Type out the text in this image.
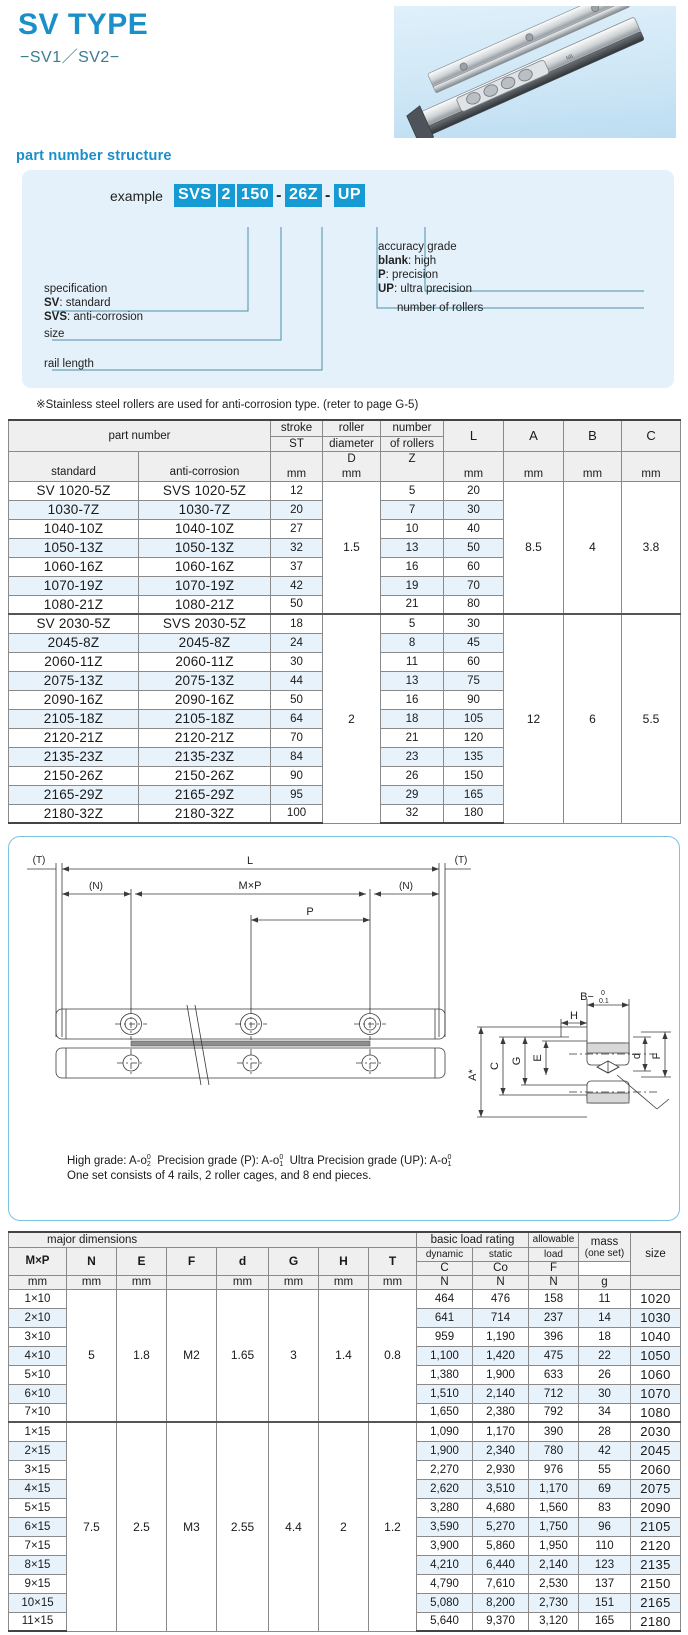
SV TYPE
−SV1／SV2−	NB
part number structure
example SVS 2 150 - 26Z - UP
specification
SV: standard
SVS: anti-corrosion
size
rail length
accuracy grade
blank: high
P: precision
UP: ultra precision
number of rollers
※Stainless steel rollers are used for anti-corrosion type. (reter to page G-5)
part number		stroke	roller	number	L	A	B	C
		ST	diameter	of rollers				
standard	anti-corrosion		D	Z				
		mm	mm		mm	mm	mm	mm
SV 1020-5Z	SVS 1020-5Z	12	1.5	5	20	8.5	4	3.8
1030-7Z	1030-7Z	20		7	30			
1040-10Z	1040-10Z	27		10	40			
1050-13Z	1050-13Z	32		13	50			
1060-16Z	1060-16Z	37		16	60			
1070-19Z	1070-19Z	42		19	70			
1080-21Z	1080-21Z	50		21	80			
SV 2030-5Z	SVS 2030-5Z	18	2	5	30	12	6	5.5
2045-8Z	2045-8Z	24		8	45			
2060-11Z	2060-11Z	30		11	60			
2075-13Z	2075-13Z	44		13	75			
2090-16Z	2090-16Z	50		16	90			
2105-18Z	2105-18Z	64		18	105			
2120-21Z	2120-21Z	70		21	120			
2135-23Z	2135-23Z	84		23	135			
2150-26Z	2150-26Z	90		26	150			
2165-29Z	2165-29Z	95		29	165			
2180-32Z	2180-32Z	100		32	180			
L
(T)	(T)
(N)	M×P	(N)
P
A*
C
G E
B− 0
0.1
H
d F
High grade: A-o 0
2 Precision grade (P): A-o 0
1 Ultra Precision grade (UP): A-o 0
1
One set consists of 4 rails, 2 roller cages, and 8 end pieces.
major dimensions								basic load rating		allowable	mass
(one set)	size
M×P	N	E	F	d	G	H	T	dynamic	static	load		
								C	Co	F		
mm	mm	mm		mm	mm	mm	mm	N	N	N	g	
1×10	5	1.8	M2	1.65	3	1.4	0.8	464	476	158	11	1020
2×10								641	714	237	14	1030
3×10								959	1,190	396	18	1040
4×10								1,100	1,420	475	22	1050
5×10								1,380	1,900	633	26	1060
6×10								1,510	2,140	712	30	1070
7×10								1,650	2,380	792	34	1080
1×15	7.5	2.5	M3	2.55	4.4	2	1.2	1,090	1,170	390	28	2030
2×15								1,900	2,340	780	42	2045
3×15								2,270	2,930	976	55	2060
4×15								2,620	3,510	1,170	69	2075
5×15								3,280	4,680	1,560	83	2090
6×15								3,590	5,270	1,750	96	2105
7×15								3,900	5,860	1,950	110	2120
8×15								4,210	6,440	2,140	123	2135
9×15								4,790	7,610	2,530	137	2150
10×15								5,080	8,200	2,730	151	2165
11×15								5,640	9,370	3,120	165	2180
